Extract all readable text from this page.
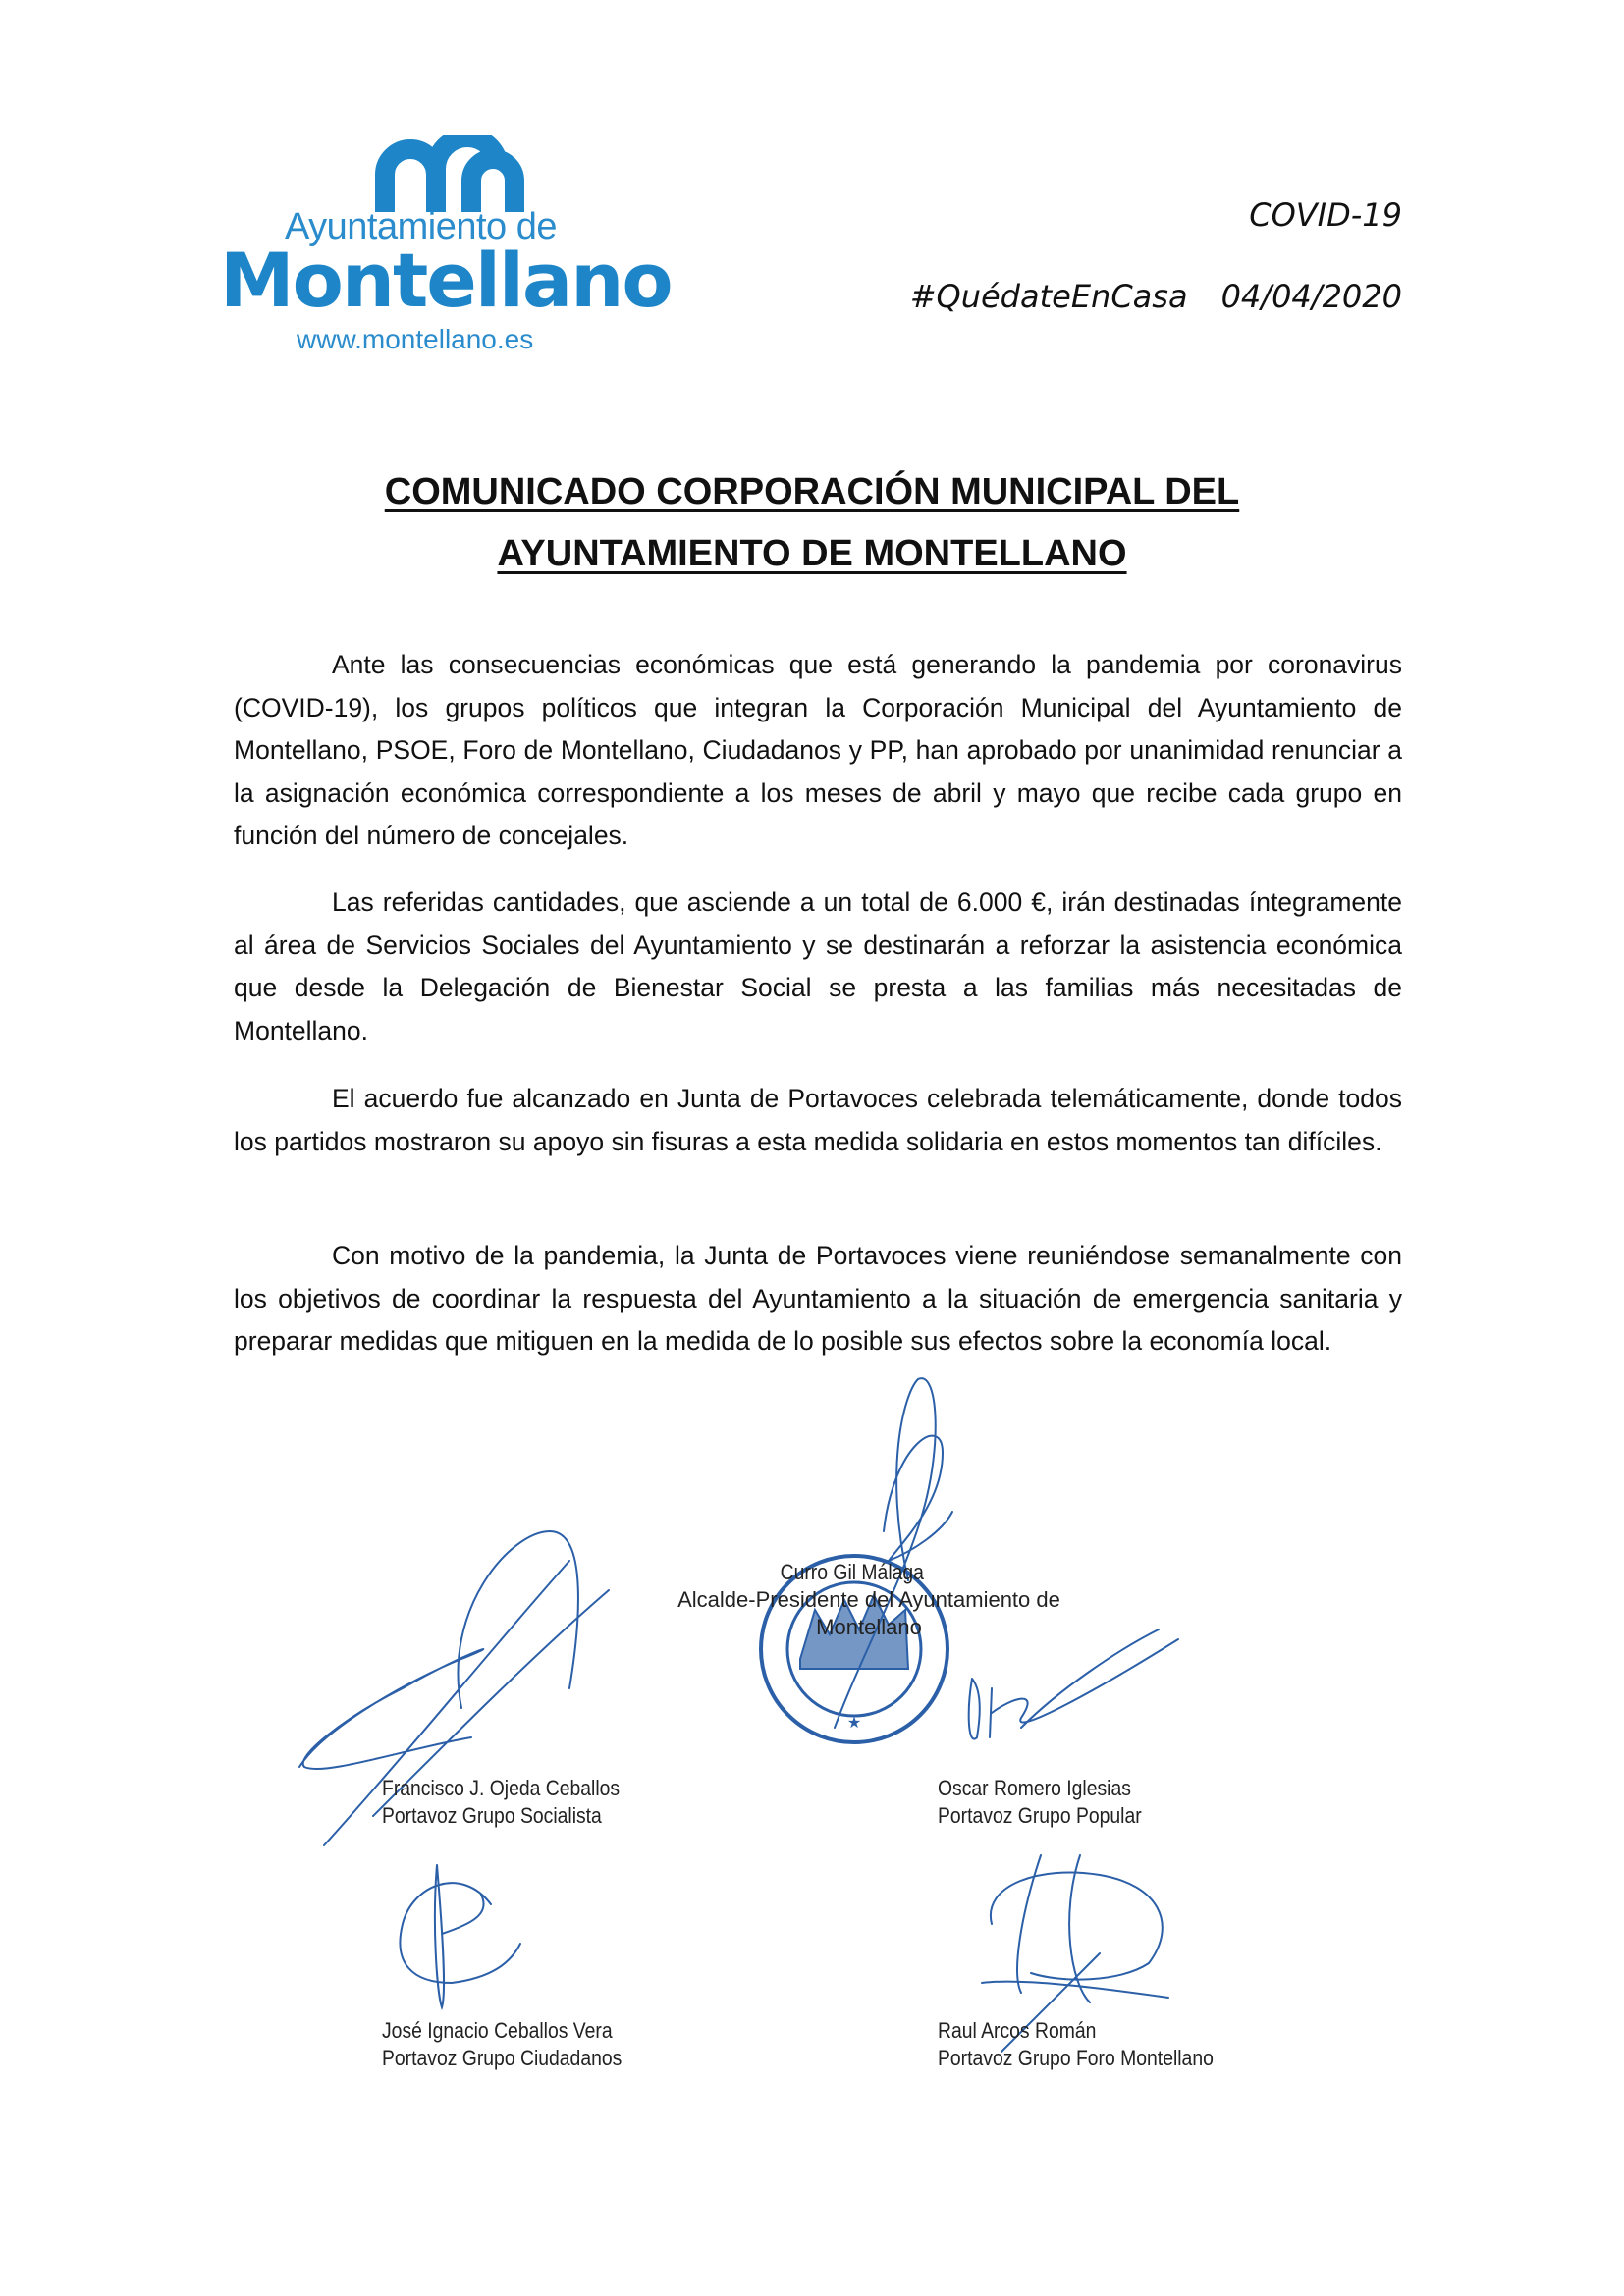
Ayuntamiento de
Montellano
www.montellano.es
COVID-19
#QuédateEnCasa 04/04/2020
COMUNICADO CORPORACIÓN MUNICIPAL DEL
AYUNTAMIENTO DE MONTELLANO

Ante las consecuencias económicas que está generando la pandemia por coronavirus (COVID-19), los grupos políticos que integran la Corporación Municipal del Ayuntamiento de Montellano, PSOE, Foro de Montellano, Ciudadanos y PP, han aprobado por unanimidad renunciar a la asignación económica correspondiente a los meses de abril y mayo que recibe cada grupo en función del número de concejales.

Las referidas cantidades, que asciende a un total de 6.000 €, irán destinadas íntegramente al área de Servicios Sociales del Ayuntamiento y se destinarán a reforzar la asistencia económica que desde la Delegación de Bienestar Social se presta a las familias más necesitadas de Montellano.

El acuerdo fue alcanzado en Junta de Portavoces celebrada telemáticamente, donde todos los partidos mostraron su apoyo sin fisuras a esta medida solidaria en estos momentos tan difíciles.

Con motivo de la pandemia, la Junta de Portavoces viene reuniéndose semanalmente con los objetivos de coordinar la respuesta del Ayuntamiento a la situación de emergencia sanitaria y preparar medidas que mitiguen en la medida de lo posible sus efectos sobre la economía local.

★
Curro Gil Málaga
Alcalde-Presidente del Ayuntamiento de Montellano
Francisco J. Ojeda Ceballos
Portavoz Grupo Socialista
Oscar Romero Iglesias
Portavoz Grupo Popular
José Ignacio Ceballos Vera
Portavoz Grupo Ciudadanos
Raul Arcos Román
Portavoz Grupo Foro Montellano
